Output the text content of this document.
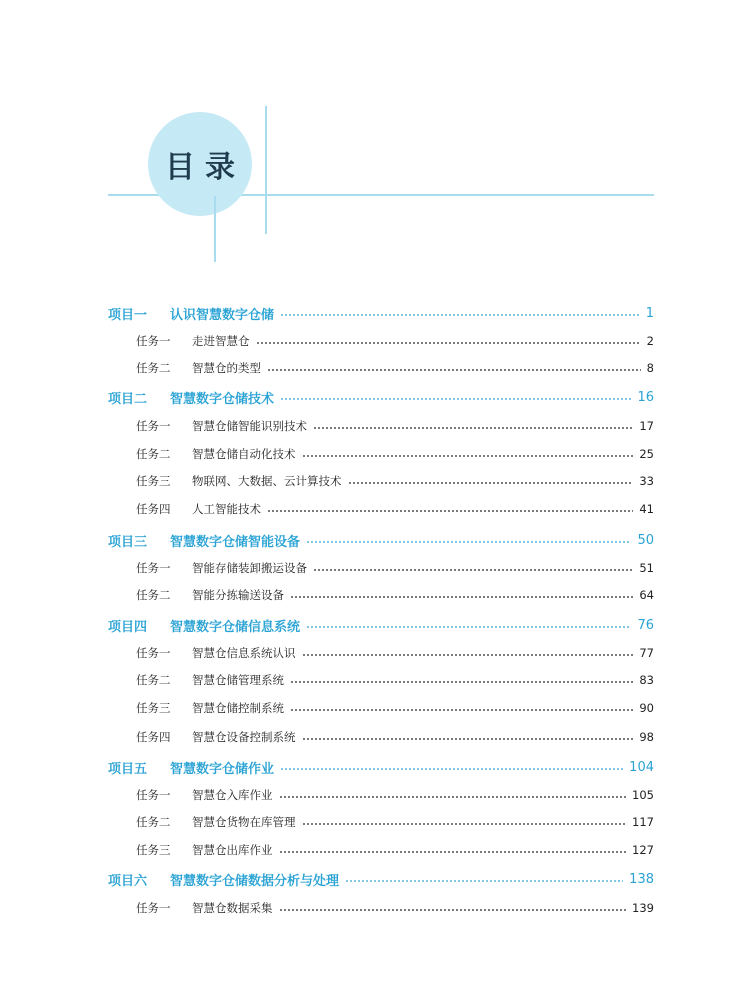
目录
项目一	认识智慧数字仓储	1
任务一	走进智慧仓	2
任务二	智慧仓的类型	8
项目二	智慧数字仓储技术	16
任务一	智慧仓储智能识别技术	17
任务二	智慧仓储自动化技术	25
任务三	物联网、大数据、云计算技术	33
任务四	人工智能技术	41
项目三	智慧数字仓储智能设备	50
任务一	智能存储装卸搬运设备	51
任务二	智能分拣输送设备	64
项目四	智慧数字仓储信息系统	76
任务一	智慧仓信息系统认识	77
任务二	智慧仓储管理系统	83
任务三	智慧仓储控制系统	90
任务四	智慧仓设备控制系统	98
项目五	智慧数字仓储作业	104
任务一	智慧仓入库作业	105
任务二	智慧仓货物在库管理	117
任务三	智慧仓出库作业	127
项目六	智慧数字仓储数据分析与处理	138
任务一	智慧仓数据采集	139
